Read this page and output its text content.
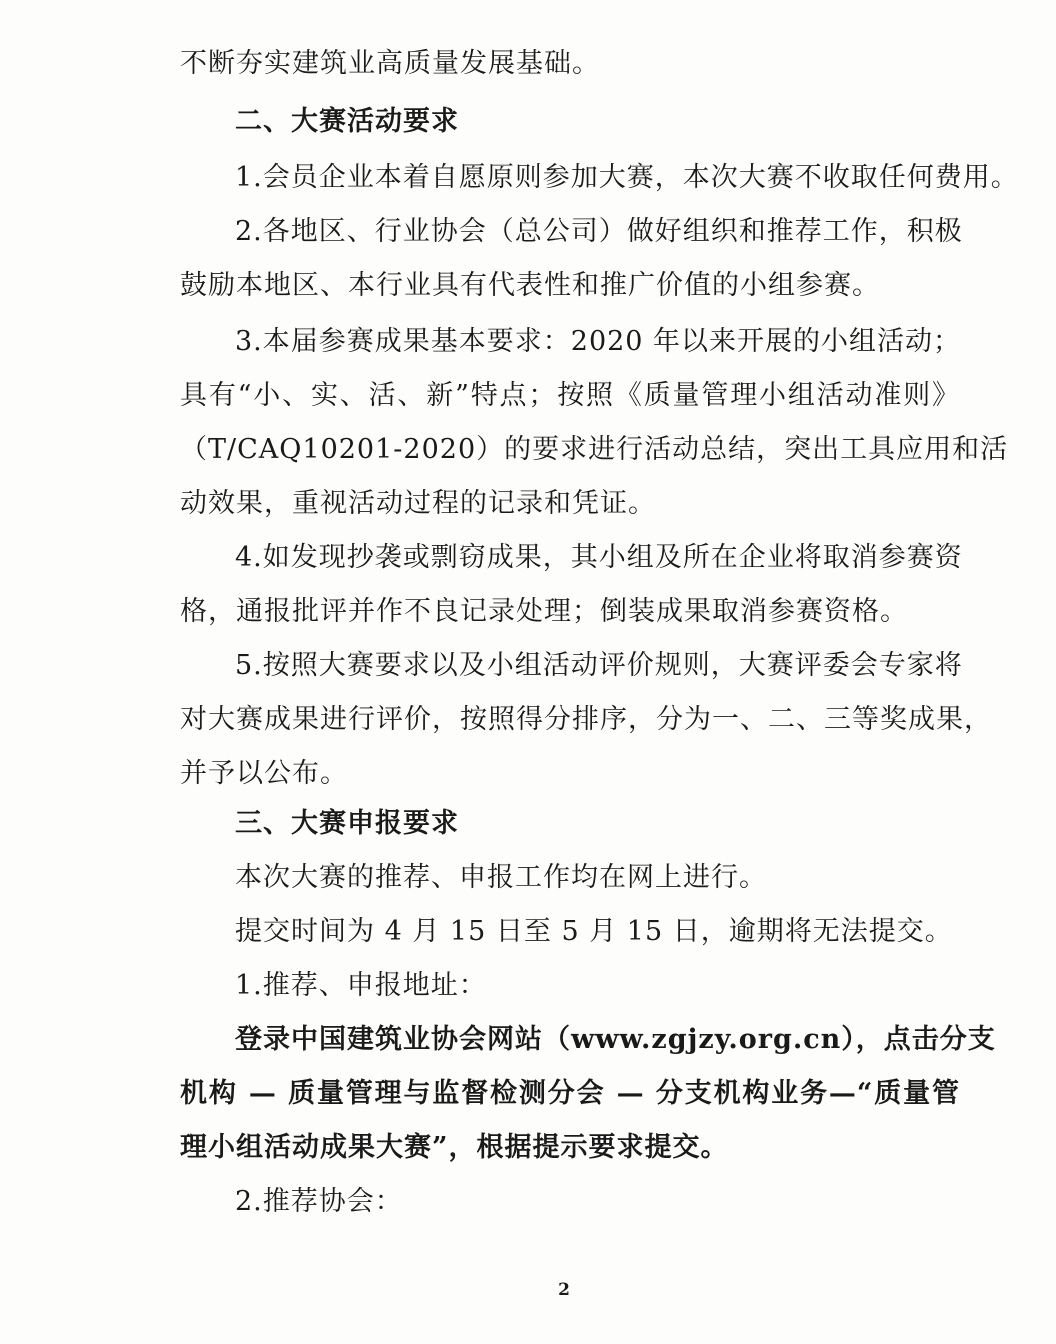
不断夯实建筑业高质量发展基础。
二、大赛活动要求
1.会员企业本着自愿原则参加大赛，本次大赛不收取任何费用。
2.各地区、行业协会（总公司）做好组织和推荐工作，积极
鼓励本地区、本行业具有代表性和推广价值的小组参赛。
3.本届参赛成果基本要求：2020 年以来开展的小组活动；
具有“小、实、活、新”特点；按照《质量管理小组活动准则》
（T/CAQ10201-2020）的要求进行活动总结，突出工具应用和活
动效果，重视活动过程的记录和凭证。
4.如发现抄袭或剽窃成果，其小组及所在企业将取消参赛资
格，通报批评并作不良记录处理；倒装成果取消参赛资格。
5.按照大赛要求以及小组活动评价规则，大赛评委会专家将
对大赛成果进行评价，按照得分排序，分为一、二、三等奖成果，
并予以公布。
三、大赛申报要求
本次大赛的推荐、申报工作均在网上进行。
提交时间为 4 月 15 日至 5 月 15 日，逾期将无法提交。
1.推荐、申报地址：
登录中国建筑业协会网站（www.zgjzy.org.cn），点击分支
机构 — 质量管理与监督检测分会 — 分支机构业务—“质量管
理小组活动成果大赛”，根据提示要求提交。
2.推荐协会：
2
